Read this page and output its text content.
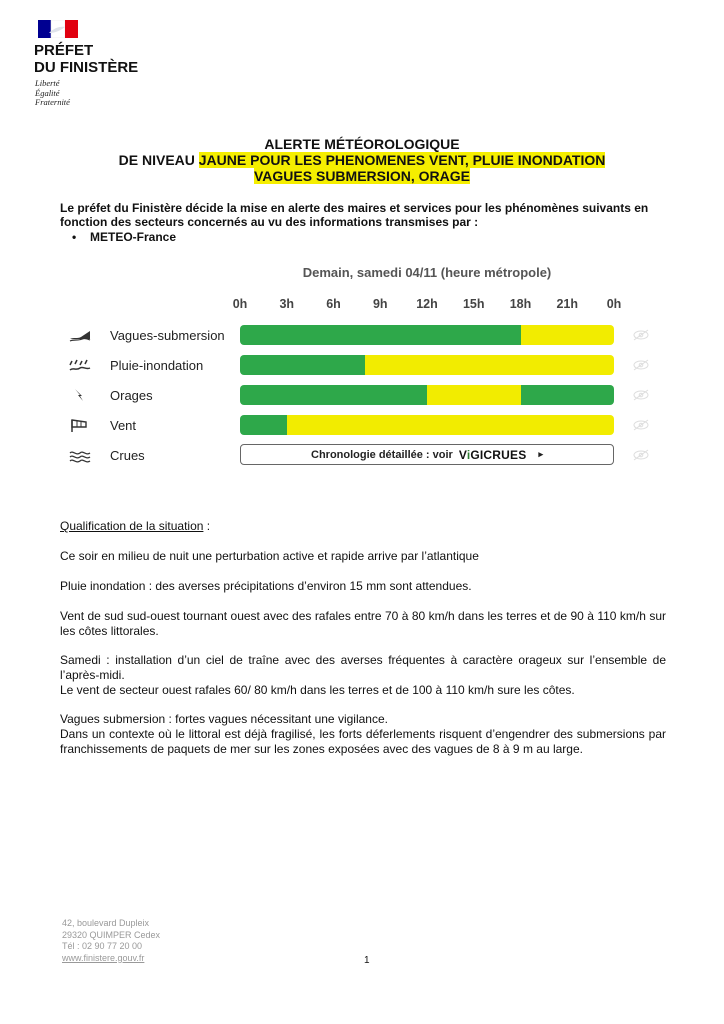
PRÉFET
DU FINISTÈRE
Liberté
Égalité
Fraternité
ALERTE MÉTÉOROLOGIQUE
DE NIVEAU JAUNE POUR LES PHENOMENES VENT, PLUIE INONDATION
VAGUES SUBMERSION, ORAGE
Le préfet du Finistère décide la mise en alerte des maires et services pour les phénomènes suivants en fonction des secteurs concernés au vu des informations transmises par :
• METEO-France
Demain, samedi 04/11 (heure métropole)
0h	3h	6h	9h	12h	15h	18h	21h	0h
Vagues-submersion
Pluie-inondation
Orages
Vent
Crues	Chronologie détaillée : voir ViGICRUES ▸
Qualification de la situation :
Ce soir en milieu de nuit une perturbation active et rapide arrive par l’atlantique
Pluie inondation : des averses précipitations d’environ 15 mm sont attendues.
Vent de sud sud-ouest tournant ouest avec des rafales entre 70 à 80 km/h dans les terres et de 90 à 110 km/h sur les côtes littorales.
Samedi : installation d’un ciel de traîne avec des averses fréquentes à caractère orageux sur l’ensemble de l’après-midi.
Le vent de secteur ouest rafales 60/ 80 km/h dans les terres et de 100 à 110 km/h sure les côtes.
Vagues submersion : fortes vagues nécessitant une vigilance.
Dans un contexte où le littoral est déjà fragilisé, les forts déferlements risquent d’engendrer des submersions par franchissements de paquets de mer sur les zones exposées avec des vagues de 8 à 9 m au large.
42, boulevard Dupleix
29320 QUIMPER Cedex
Tél : 02 90 77 20 00
www.finistere.gouv.fr	1
